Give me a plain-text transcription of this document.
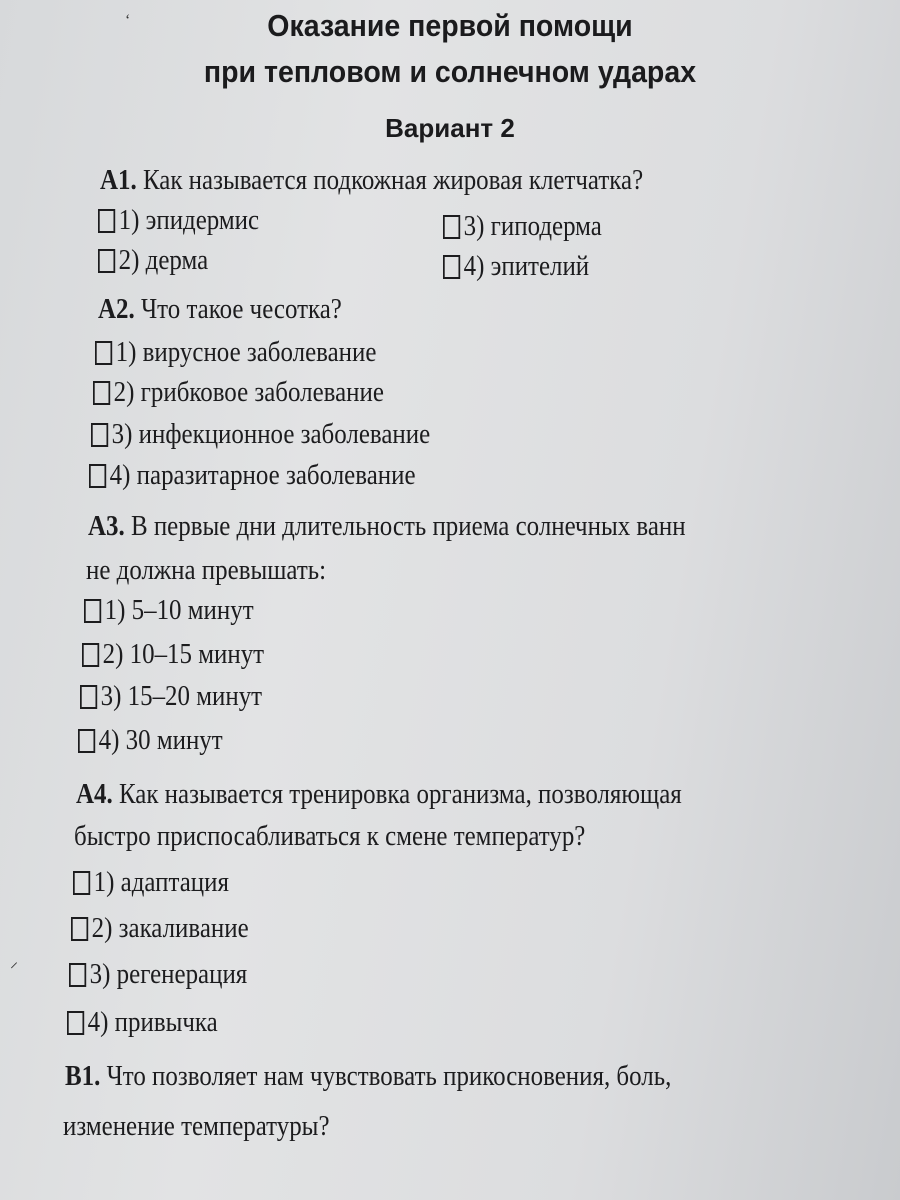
Оказание первой помощи
при тепловом и солнечном ударах
Вариант 2
А1. Как называется подкожная жировая клетчатка?
1) эпидермис
2) дерма
3) гиподерма
4) эпителий
А2. Что такое чесотка?
1) вирусное заболевание
2) грибковое заболевание
3) инфекционное заболевание
4) паразитарное заболевание
А3. В первые дни длительность приема солнечных ванн
не должна превышать:
1) 5–10 минут
2) 10–15 минут
3) 15–20 минут
4) 30 минут
А4. Как называется тренировка организма, позволяющая
быстро приспосабливаться к смене температур?
1) адаптация
2) закаливание
3) регенерация
4) привычка
В1. Что позволяет нам чувствовать прикосновения, боль,
изменение температуры?
‘
⸝
